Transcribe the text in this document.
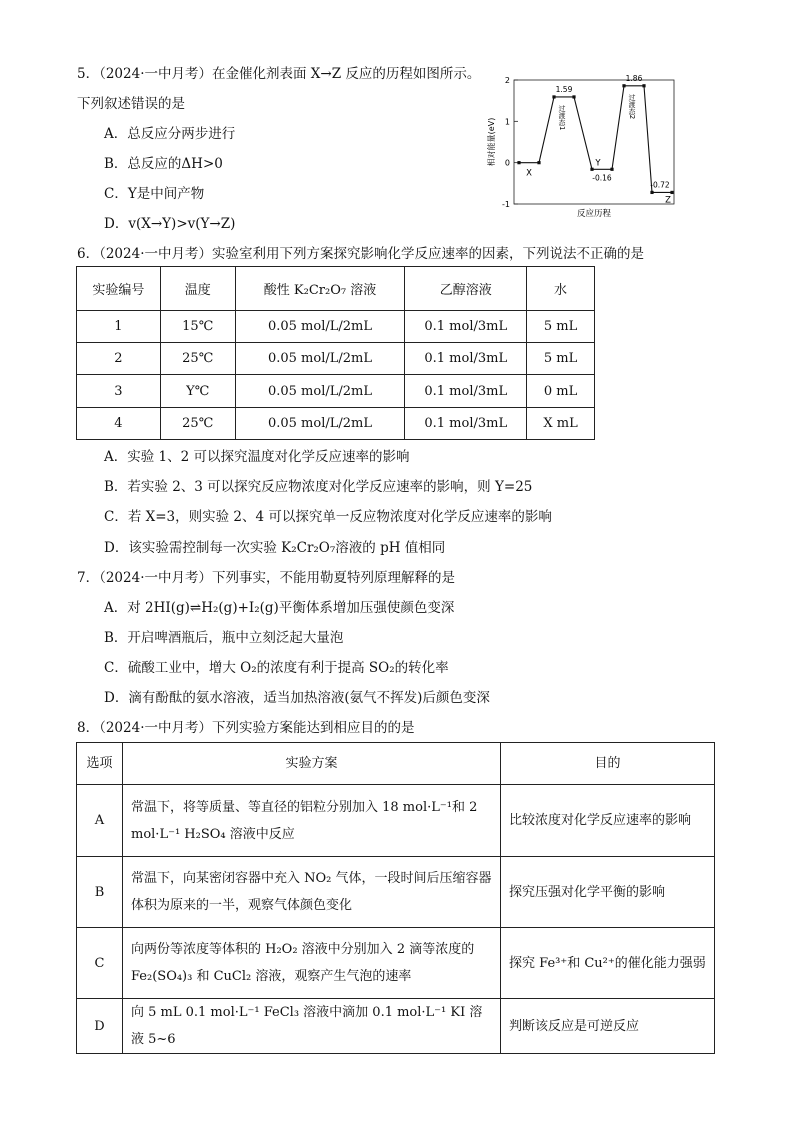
5．（2024·一中月考）在金催化剂表面 X→Z 反应的历程如图所示。
下列叙述错误的是
A．总反应分两步进行
B．总反应的ΔH>0
C．Y是中间产物
D．v(X→Y)>v(Y→Z)
2
1
0
-1
相对能量(eV)
反应历程
X
Y
Z
1.59
1.86
-0.16
-0.72
过渡态1	过渡态2
6．（2024·一中月考）实验室利用下列方案探究影响化学反应速率的因素，下列说法不正确的是
实验编号	温度	酸性 K₂Cr₂O₇ 溶液	乙醇溶液	水
1	15℃	0.05 mol/L/2mL	0.1 mol/3mL	5 mL
2	25℃	0.05 mol/L/2mL	0.1 mol/3mL	5 mL
3	Y℃	0.05 mol/L/2mL	0.1 mol/3mL	0 mL
4	25℃	0.05 mol/L/2mL	0.1 mol/3mL	X mL
A．实验 1、2 可以探究温度对化学反应速率的影响
B．若实验 2、3 可以探究反应物浓度对化学反应速率的影响，则 Y=25
C．若 X=3，则实验 2、4 可以探究单一反应物浓度对化学反应速率的影响
D．该实验需控制每一次实验 K₂Cr₂O₇溶液的 pH 值相同
7．（2024·一中月考）下列事实，不能用勒夏特列原理解释的是
A．对 2HI(g)⇌H₂(g)+I₂(g)平衡体系增加压强使颜色变深
B．开启啤酒瓶后，瓶中立刻泛起大量泡
C．硫酸工业中，增大 O₂的浓度有利于提高 SO₂的转化率
D．滴有酚酞的氨水溶液，适当加热溶液(氨气不挥发)后颜色变深
8．（2024·一中月考）下列实验方案能达到相应目的的是
选项	实验方案	目的
A	常温下，将等质量、等直径的铝粒分别加入 18 mol·L⁻¹和 2 mol·L⁻¹ H₂SO₄ 溶液中反应	比较浓度对化学反应速率的影响
B	常温下，向某密闭容器中充入 NO₂ 气体，一段时间后压缩容器体积为原来的一半，观察气体颜色变化	探究压强对化学平衡的影响
C	向两份等浓度等体积的 H₂O₂ 溶液中分别加入 2 滴等浓度的 Fe₂(SO₄)₃ 和 CuCl₂ 溶液，观察产生气泡的速率	探究 Fe³⁺和 Cu²⁺的催化能力强弱
D	向 5 mL 0.1 mol·L⁻¹ FeCl₃ 溶液中滴加 0.1 mol·L⁻¹ KI 溶液 5~6	判断该反应是可逆反应
